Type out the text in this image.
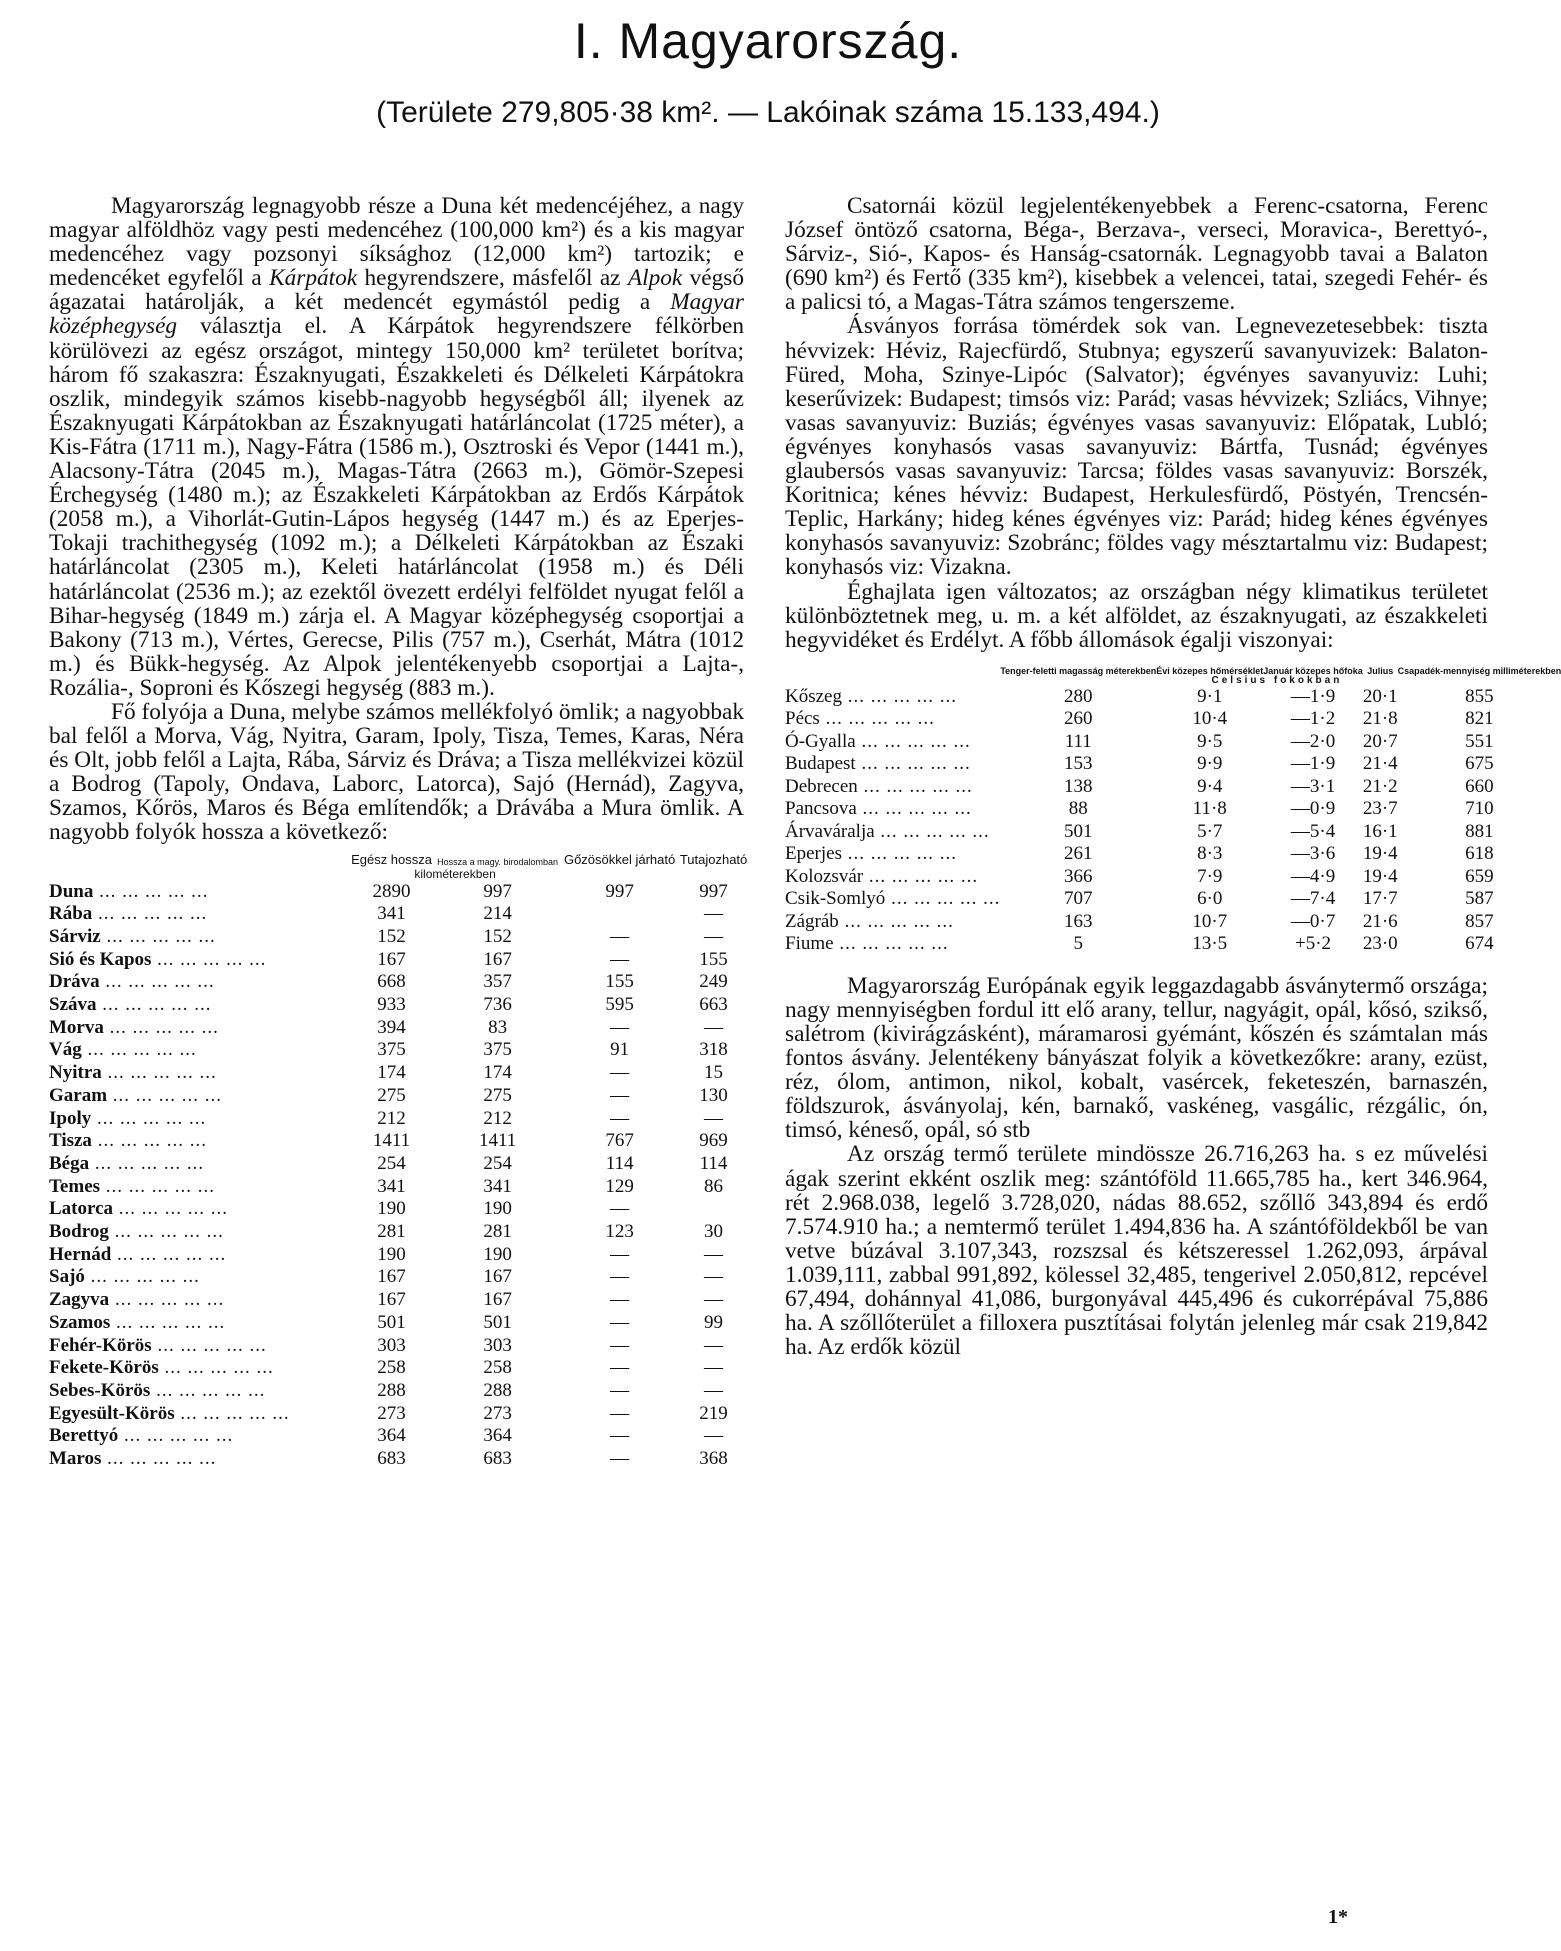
I. Magyarország.
(Területe 279,805·38 km². — Lakóinak száma 15.133,494.)

Magyarország legnagyobb része a Duna két medencéjéhez, a nagy magyar alföldhöz vagy pesti medencéhez (100,000 km²) és a kis magyar medencéhez vagy pozsonyi síksághoz (12,000 km²) tartozik; e medencéket egyfelől a Kárpátok hegyrendszere, másfelől az Alpok végső ágazatai határolják, a két medencét egymástól pedig a Magyar középhegység választja el. A Kárpátok hegyrendszere félkörben körülövezi az egész országot, mintegy 150,000 km² területet borítva; három fő szakaszra: Északnyugati, Északkeleti és Délkeleti Kárpátokra oszlik, mindegyik számos kisebb-nagyobb hegységből áll; ilyenek az Északnyugati Kárpátokban az Északnyugati határláncolat (1725 méter), a Kis-Fátra (1711 m.), Nagy-Fátra (1586 m.), Osztroski és Vepor (1441 m.), Alacsony-Tátra (2045 m.), Magas-Tátra (2663 m.), Gömör-Szepesi Érchegység (1480 m.); az Északkeleti Kárpátokban az Erdős Kárpátok (2058 m.), a Vihorlát-Gutin-Lápos hegység (1447 m.) és az Eperjes-Tokaji trachithegység (1092 m.); a Délkeleti Kárpátokban az Északi határláncolat (2305 m.), Keleti határláncolat (1958 m.) és Déli határláncolat (2536 m.); az ezektől övezett erdélyi felföldet nyugat felől a Bihar-hegység (1849 m.) zárja el. A Magyar középhegység csoportjai a Bakony (713 m.), Vértes, Gerecse, Pilis (757 m.), Cserhát, Mátra (1012 m.) és Bükk-hegység. Az Alpok jelentékenyebb csoportjai a Lajta-, Rozália-, Soproni és Kőszegi hegység (883 m.).

Fő folyója a Duna, melybe számos mellékfolyó ömlik; a nagyobbak bal felől a Morva, Vág, Nyitra, Garam, Ipoly, Tisza, Temes, Karas, Néra és Olt, jobb felől a Lajta, Rába, Sárviz és Dráva; a Tisza mellékvizei közül a Bodrog (Tapoly, Ondava, Laborc, Latorca), Sajó (Hernád), Zagyva, Szamos, Kőrös, Maros és Béga említendők; a Drávába a Mura ömlik. A nagyobb folyók hossza a következő:

	Egész hossza	Hossza a magy. birodalomban	Gőzösökkel járható	Tutajozható
	kilométerekben			
Duna ... ... ... ... ...	2890	997	997	997
Rába ... ... ... ... ...	341	214		—
Sárviz ... ... ... ... ...	152	152	—	—
Sió és Kapos ... ... ... ... ...	167	167	—	155
Dráva ... ... ... ... ...	668	357	155	249
Száva ... ... ... ... ...	933	736	595	663
Morva ... ... ... ... ...	394	83	—	—
Vág ... ... ... ... ...	375	375	91	318
Nyitra ... ... ... ... ...	174	174	—	15
Garam ... ... ... ... ...	275	275	—	130
Ipoly ... ... ... ... ...	212	212	—	—
Tisza ... ... ... ... ...	1411	1411	767	969
Béga ... ... ... ... ...	254	254	114	114
Temes ... ... ... ... ...	341	341	129	86
Latorca ... ... ... ... ...	190	190	—	
Bodrog ... ... ... ... ...	281	281	123	30
Hernád ... ... ... ... ...	190	190	—	—
Sajó ... ... ... ... ...	167	167	—	—
Zagyva ... ... ... ... ...	167	167	—	—
Szamos ... ... ... ... ...	501	501	—	99
Fehér-Körös ... ... ... ... ...	303	303	—	—
Fekete-Körös ... ... ... ... ...	258	258	—	—
Sebes-Körös ... ... ... ... ...	288	288	—	—
Egyesült-Körös ... ... ... ... ...	273	273	—	219
Berettyó ... ... ... ... ...	364	364	—	—
Maros ... ... ... ... ...	683	683	—	368

Csatornái közül legjelentékenyebbek a Ferenc-csatorna, Ferenc József öntöző csatorna, Béga-, Berzava-, verseci, Moravica-, Berettyó-, Sárviz-, Sió-, Kapos- és Hanság-csatornák. Legnagyobb tavai a Balaton (690 km²) és Fertő (335 km²), kisebbek a velencei, tatai, szegedi Fehér- és a palicsi tó, a Magas-Tátra számos tengerszeme.

Ásványos forrása tömérdek sok van. Legnevezetesebbek: tiszta hévvizek: Héviz, Rajecfürdő, Stubnya; egyszerű savanyuvizek: Balaton-Füred, Moha, Szinye-Lipóc (Salvator); égvényes savanyuviz: Luhi; keserűvizek: Budapest; timsós viz: Parád; vasas hévvizek; Szliács, Vihnye; vasas savanyuviz: Buziás; égvényes vasas savanyuviz: Előpatak, Lubló; égvényes konyhasós vasas savanyuviz: Bártfa, Tusnád; égvényes glaubersós vasas savanyuviz: Tarcsa; földes vasas savanyuviz: Borszék, Koritnica; kénes hévviz: Budapest, Herkulesfürdő, Pöstyén, Trencsén-Teplic, Harkány; hideg kénes égvényes viz: Parád; hideg kénes égvényes konyhasós savanyuviz: Szobránc; földes vagy mésztartalmu viz: Budapest; konyhasós viz: Vizakna.

Éghajlata igen változatos; az országban négy klimatikus területet különböztetnek meg, u. m. a két alföldet, az északnyugati, az északkeleti hegyvidéket és Erdélyt. A főbb állomások égalji viszonyai:

	Tenger-feletti magasság méterekben	Évi közepes hőmérséklet	Január közepes hőfoka	Julius	Csapadék-mennyiség milliméterekben
		Celsius fokokban			
Kőszeg ... ... ... ... ...	280	9·1	—1·9	20·1	855
Pécs ... ... ... ... ...	260	10·4	—1·2	21·8	821
Ó-Gyalla ... ... ... ... ...	111	9·5	—2·0	20·7	551
Budapest ... ... ... ... ...	153	9·9	—1·9	21·4	675
Debrecen ... ... ... ... ...	138	9·4	—3·1	21·2	660
Pancsova ... ... ... ... ...	88	11·8	—0·9	23·7	710
Árvaváralja ... ... ... ... ...	501	5·7	—5·4	16·1	881
Eperjes ... ... ... ... ...	261	8·3	—3·6	19·4	618
Kolozsvár ... ... ... ... ...	366	7·9	—4·9	19·4	659
Csik-Somlyó ... ... ... ... ...	707	6·0	—7·4	17·7	587
Zágráb ... ... ... ... ...	163	10·7	—0·7	21·6	857
Fiume ... ... ... ... ...	5	13·5	+5·2	23·0	674

Magyarország Európának egyik leggazdagabb ásványtermő országa; nagy mennyiségben fordul itt elő arany, tellur, nagyágit, opál, kősó, szikső, salétrom (kivirágzásként), máramarosi gyémánt, kőszén és számtalan más fontos ásvány. Jelentékeny bányászat folyik a következőkre: arany, ezüst, réz, ólom, antimon, nikol, kobalt, vasércek, feketeszén, barnaszén, földszurok, ásványolaj, kén, barnakő, vaskéneg, vasgálic, rézgálic, ón, timsó, kéneső, opál, só stb

Az ország termő területe mindössze 26.716,263 ha. s ez művelési ágak szerint ekként oszlik meg: szántóföld 11.665,785 ha., kert 346.964, rét 2.968.038, legelő 3.728,020, nádas 88.652, szőllő 343,894 és erdő 7.574.910 ha.; a nemtermő terület 1.494,836 ha. A szántóföldekből be van vetve búzával 3.107,343, rozszsal és kétszeressel 1.262,093, árpával 1.039,111, zabbal 991,892, kölessel 32,485, tengerivel 2.050,812, repcével 67,494, dohánnyal 41,086, burgonyával 445,496 és cukorrépával 75,886 ha. A szőllőterület a filloxera pusztításai folytán jelenleg már csak 219,842 ha. Az erdők közül

1*
